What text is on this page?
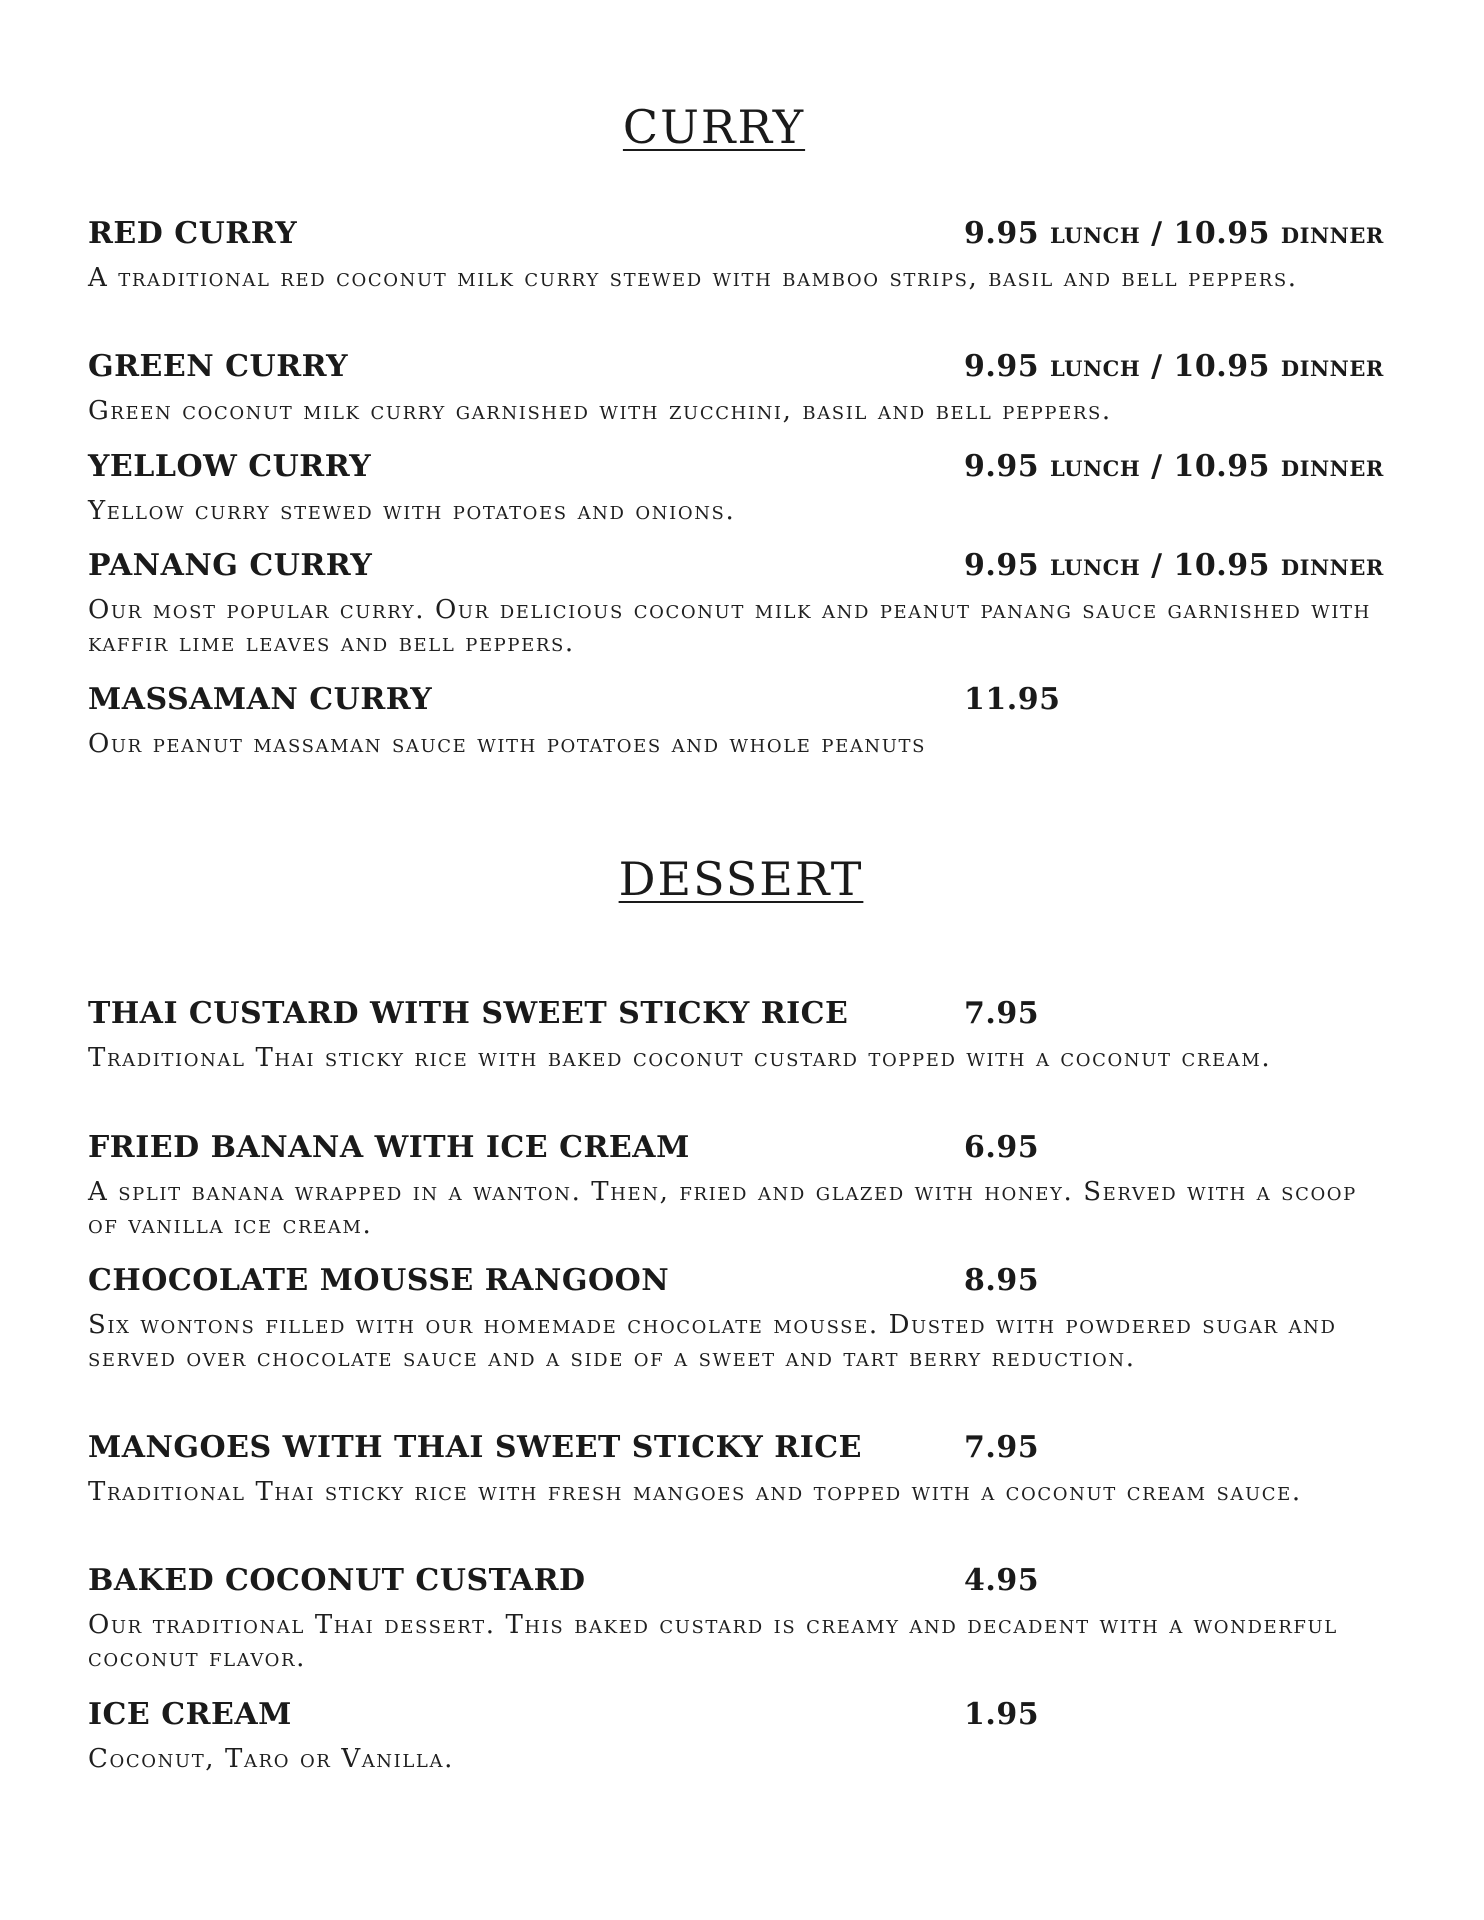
CURRY
RED CURRY	9.95 lunch / 10.95 dinner
A traditional red coconut milk curry stewed with bamboo strips, basil and bell peppers.
GREEN CURRY	9.95 lunch / 10.95 dinner
Green coconut milk curry garnished with zucchini, basil and bell peppers.
YELLOW CURRY	9.95 lunch / 10.95 dinner
Yellow curry stewed with potatoes and onions.
PANANG CURRY	9.95 lunch / 10.95 dinner
Our most popular curry. Our delicious coconut milk and peanut panang sauce garnished with kaffir lime leaves and bell peppers.
MASSAMAN CURRY	11.95
Our peanut massaman sauce with potatoes and whole peanuts
DESSERT
THAI CUSTARD WITH SWEET STICKY RICE	7.95
Traditional Thai sticky rice with baked coconut custard topped with a coconut cream.
FRIED BANANA WITH ICE CREAM	6.95
A split banana wrapped in a wanton. Then, fried and glazed with honey. Served with a scoop of vanilla ice cream.
CHOCOLATE MOUSSE RANGOON	8.95
Six wontons filled with our homemade chocolate mousse. Dusted with powdered sugar and served over chocolate sauce and a side of a sweet and tart berry reduction.
MANGOES WITH THAI SWEET STICKY RICE	7.95
Traditional Thai sticky rice with fresh mangoes and topped with a coconut cream sauce.
BAKED COCONUT CUSTARD	4.95
Our traditional Thai dessert. This baked custard is creamy and decadent with a wonderful coconut flavor.
ICE CREAM	1.95
Coconut, Taro or Vanilla.
